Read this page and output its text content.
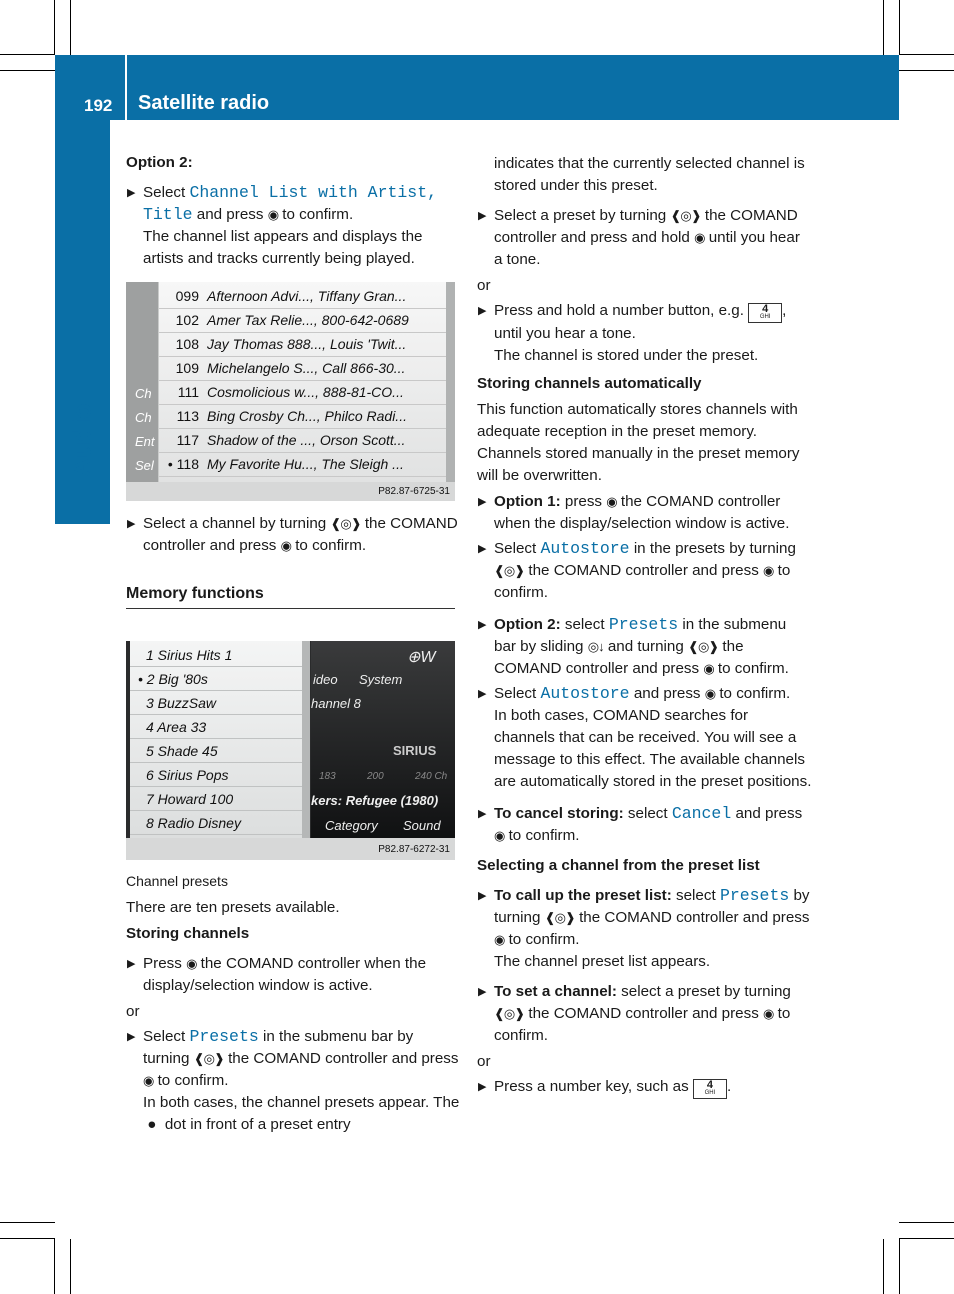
192 Satellite radio
Audio

Option 2:

▶ Select Channel List with Artist, Title and press ◉ to confirm.

The channel list appears and displays the artists and tracks currently being played.

Ch
Ch
Ent
Sel
099 Afternoon Advi..., Tiffany Gran...
102 Amer Tax Relie..., 800-642-0689
108 Jay Thomas 888..., Louis 'Twit...
109 Michelangelo S..., Call 866-30...
111 Cosmolicious w..., 888-81-CO...
113 Bing Crosby Ch..., Philco Radi...
117 Shadow of the ..., Orson Scott...
• 118 My Favorite Hu..., The Sleigh ...
P82.87-6725-31
▶ Select a channel by turning ❰◎❱ the COMAND controller and press ◉ to confirm.

Memory functions

1 Sirius Hits 1
• 2 Big '80s
3 BuzzSaw
4 Area 33
5 Shade 45
6 Sirius Pops
7 Howard 100
8 Radio Disney
ideo System
⊕W
hannel 8
SIRIUS
183	200	240 Ch
kers: Refugee (1980)
Category Sound
P82.87-6272-31

Channel presets

There are ten presets available.

Storing channels

▶ Press ◉ the COMAND controller when the display/selection window is active.

or

▶ Select Presets in the submenu bar by turning ❰◎❱ the COMAND controller and press ◉ to confirm.

In both cases, the channel presets appear. The  ●  dot in front of a preset entry

indicates that the currently selected channel is stored under this preset.

▶ Select a preset by turning ❰◎❱ the COMAND controller and press and hold ◉ until you hear a tone.

or

▶ Press and hold a number button, e.g.	4
GHI , until you hear a tone.

The channel is stored under the preset.

Storing channels automatically

This function automatically stores channels with adequate reception in the preset memory. Channels stored manually in the preset memory will be overwritten.

▶ Option 1: press ◉ the COMAND controller when the display/selection window is active.
▶ Select Autostore in the presets by turning ❰◎❱ the COMAND controller and press ◉ to confirm.
▶ Option 2: select Presets in the submenu bar by sliding ◎↓ and turning ❰◎❱ the COMAND controller and press ◉ to confirm.
▶ Select Autostore and press ◉ to confirm.

In both cases, COMAND searches for channels that can be received. You will see a message to this effect. The available channels are automatically stored in the preset positions.

▶ To cancel storing: select Cancel and press ◉ to confirm.

Selecting a channel from the preset list

▶ To call up the preset list: select Presets by turning ❰◎❱ the COMAND controller and press ◉ to confirm.

The channel preset list appears.

▶ To set a channel: select a preset by turning ❰◎❱ the COMAND controller and press ◉ to confirm.

or

▶ Press a number key, such as	4
GHI .
